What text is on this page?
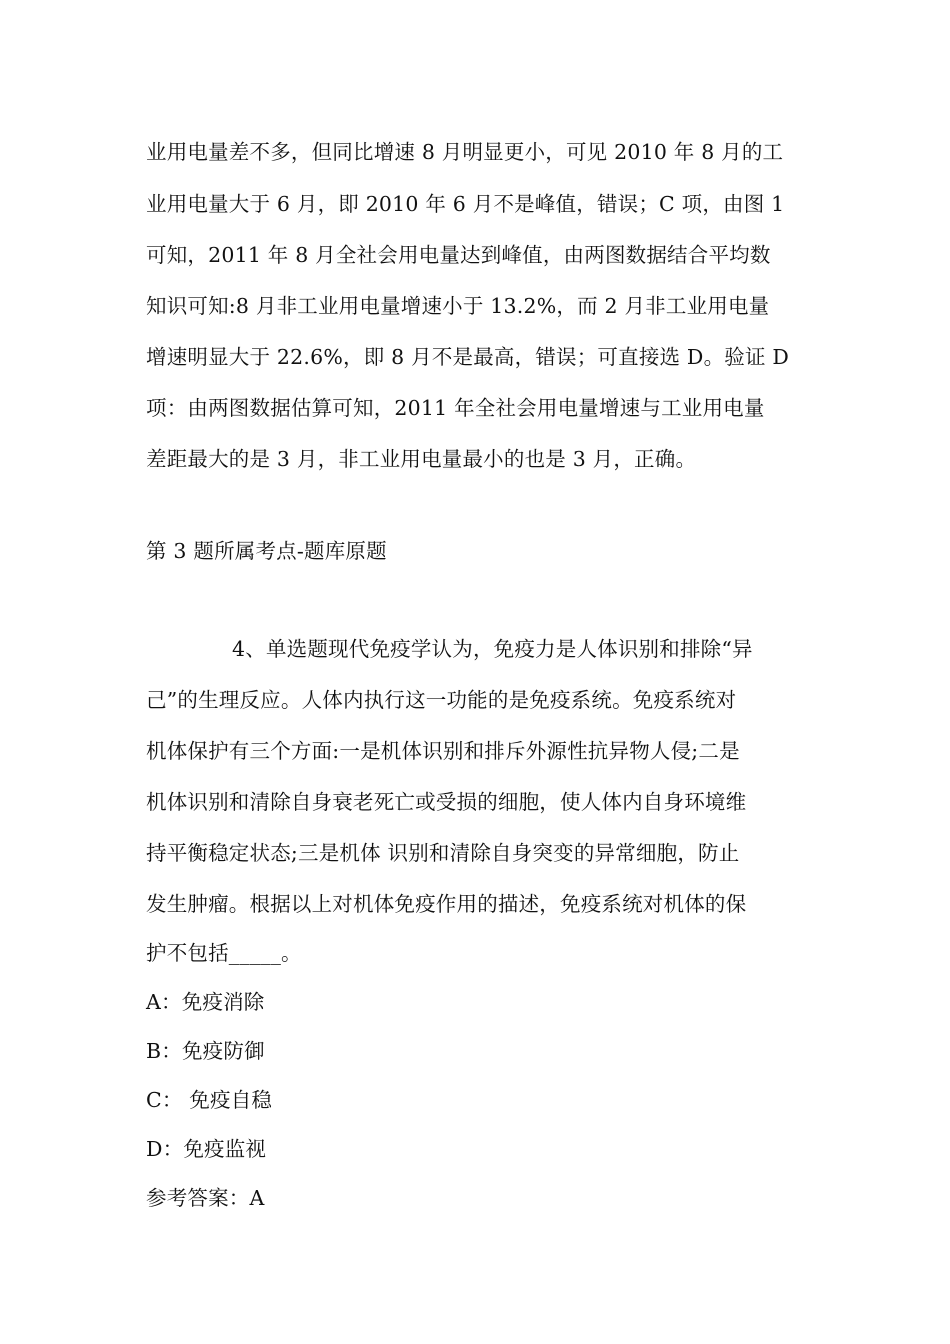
业用电量差不多，但同比增速 8 月明显更小，可见 2010 年 8 月的工
业用电量大于 6 月，即 2010 年 6 月不是峰值，错误；C 项，由图 1
可知，2011 年 8 月全社会用电量达到峰值，由两图数据结合平均数
知识可知:8 月非工业用电量增速小于 13.2%，而 2 月非工业用电量
增速明显大于 22.6%，即 8 月不是最高，错误；可直接选 D。验证 D
项：由两图数据估算可知，2011 年全社会用电量增速与工业用电量
差距最大的是 3 月，非工业用电量最小的也是 3 月，正确。
第 3 题所属考点-题库原题
4、单选题现代免疫学认为，免疫力是人体识别和排除“异
己”的生理反应。人体内执行这一功能的是免疫系统。免疫系统对
机体保护有三个方面:一是机体识别和排斥外源性抗异物人侵;二是
机体识别和清除自身衰老死亡或受损的细胞，使人体内自身环境维
持平衡稳定状态;三是机体 识别和清除自身突变的异常细胞，防止
发生肿瘤。根据以上对机体免疫作用的描述，免疫系统对机体的保
护不包括_____。
A：免疫消除
B：免疫防御
C： 免疫自稳
D：免疫监视
参考答案：A
